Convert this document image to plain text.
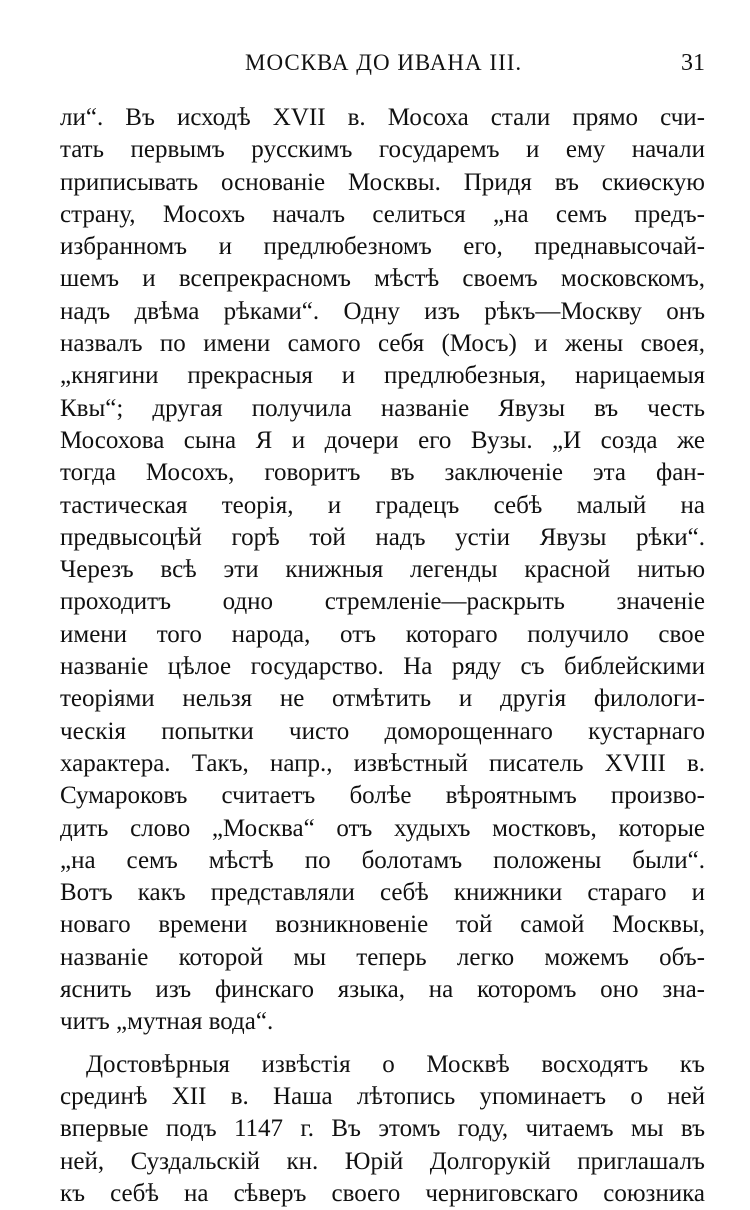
МОСКВА ДО ИВАНА III.	31
ли“. Въ исходѣ XVII в. Мосоха стали прямо счи-
тать первымъ русскимъ государемъ и ему начали
приписывать основанiе Москвы. Придя въ скиѳскую
страну, Мосохъ началъ селиться „на семъ предъ-
избранномъ и предлюбезномъ его, преднавысочай-
шемъ и всепрекрасномъ мѣстѣ своемъ московскомъ,
надъ двѣма рѣками“. Одну изъ рѣкъ—Москву онъ
назвалъ по имени самого себя (Мосъ) и жены своея,
„княгини прекрасныя и предлюбезныя, нарицаемыя
Квы“; другая получила названiе Явузы въ честь
Мосохова сына Я и дочери его Вузы. „И созда же
тогда Мосохъ, говоритъ въ заключенiе эта фан-
тастическая теорiя, и градецъ себѣ малый на
предвысоцѣй горѣ той надъ устiи Явузы рѣки“.
Черезъ всѣ эти книжныя легенды красной нитью
проходитъ одно стремленiе—раскрыть значенiе
имени того народа, отъ котораго получило свое
названiе цѣлое государство. На ряду съ библейскими
теорiями нельзя не отмѣтить и другiя филологи-
ческiя попытки чисто доморощеннаго кустарнаго
характера. Такъ, напр., извѣстный писатель XVIII в.
Сумароковъ считаетъ болѣе вѣроятнымъ произво-
дить слово „Москва“ отъ худыхъ мостковъ, которые
„на семъ мѣстѣ по болотамъ положены были“.
Вотъ какъ представляли себѣ книжники стараго и
новаго времени возникновенiе той самой Москвы,
названiе которой мы теперь легко можемъ объ-
яснить изъ финскаго языка, на которомъ оно зна-
читъ „мутная вода“.
Достовѣрныя извѣстiя о Москвѣ восходятъ къ
срединѣ XII в. Наша лѣтопись упоминаетъ о ней
впервые подъ 1147 г. Въ этомъ году, читаемъ мы въ
ней, Суздальскiй кн. Юрiй Долгорукiй приглашалъ
къ себѣ на сѣверъ своего черниговскаго союзника
